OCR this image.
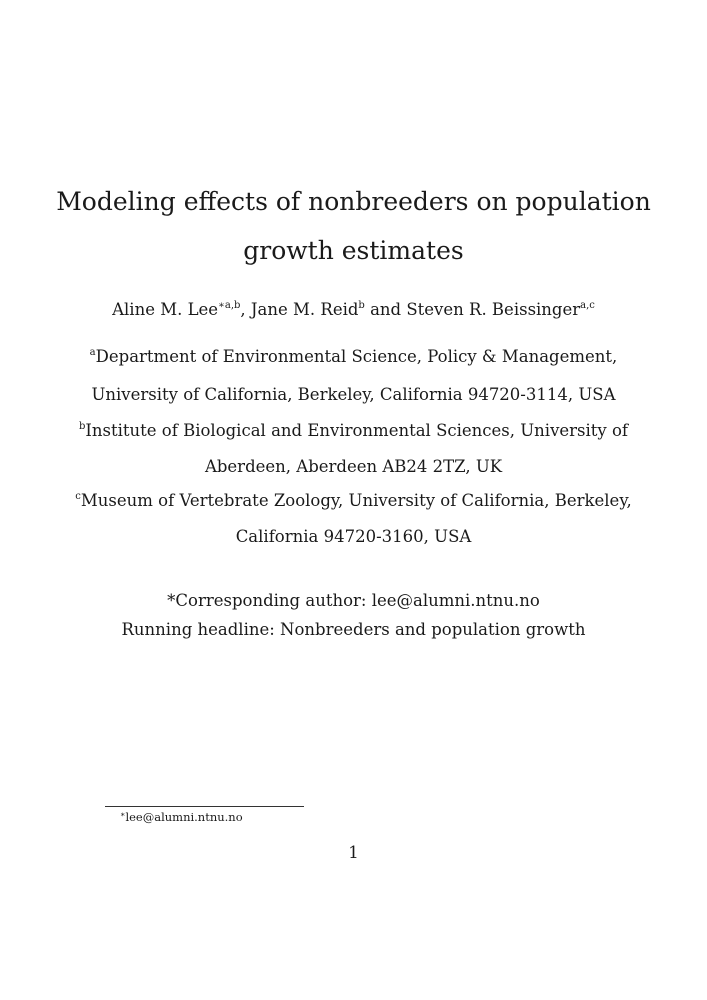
Modeling effects of nonbreeders on population
growth estimates
Aline M. Lee$^{∗a,b}$, Jane M. Reid$^b$ and Steven R. Beissinger$^{a,c}$
$^a$Department of Environmental Science, Policy & Management,
University of California, Berkeley, California 94720-3114, USA
$^b$Institute of Biological and Environmental Sciences, University of
Aberdeen, Aberdeen AB24 2TZ, UK
$^c$Museum of Vertebrate Zoology, University of California, Berkeley,
California 94720-3160, USA
*Corresponding author: lee@alumni.ntnu.no
Running headline: Nonbreeders and population growth
∗lee@alumni.ntnu.no
1
